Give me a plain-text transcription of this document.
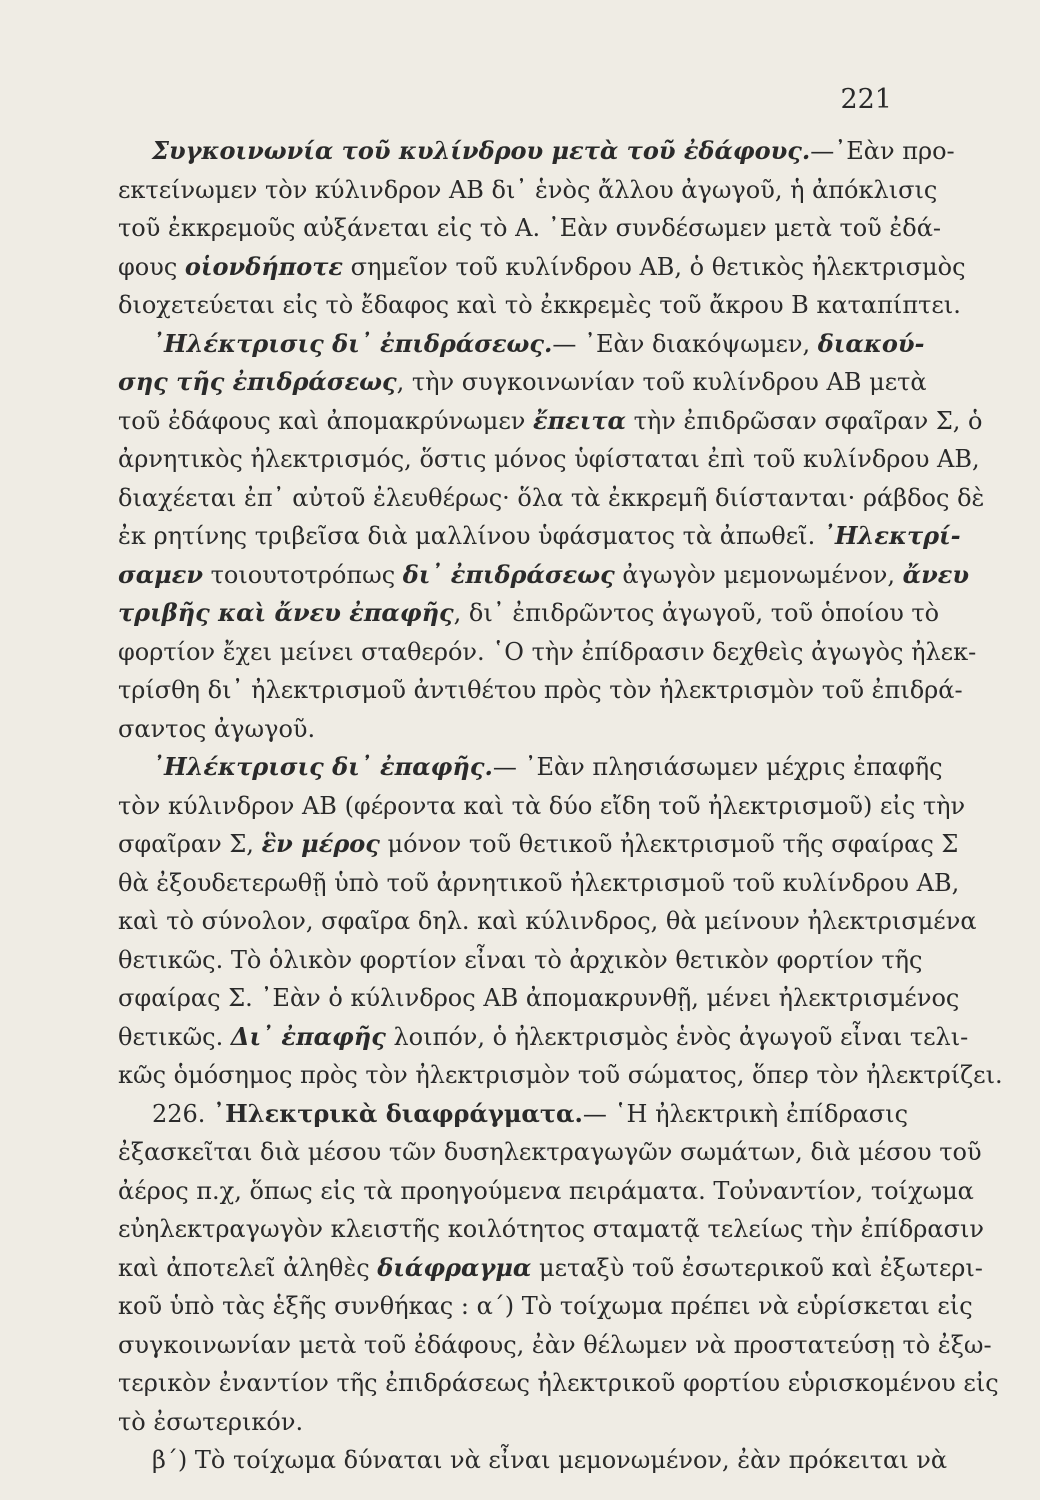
221
Συγκοινωνία τοῦ κυλίνδρου μετὰ τοῦ ἐδάφους.—᾿Εὰν προ-
εκτείνωμεν τὸν κύλινδρον ΑΒ δι᾿ ἑνὸς ἄλλου ἀγωγοῦ, ἡ ἀπόκλισις
τοῦ ἐκκρεμοῦς αὐξάνεται εἰς τὸ Α. ᾿Εὰν συνδέσωμεν μετὰ τοῦ ἐδά-
φους οἱονδήποτε σημεῖον τοῦ κυλίνδρου ΑΒ, ὁ θετικὸς ἠλεκτρισμὸς
διοχετεύεται εἰς τὸ ἔδαφος καὶ τὸ ἐκκρεμὲς τοῦ ἄκρου Β καταπίπτει.
᾿Ηλέκτρισις δι᾿ ἐπιδράσεως.— ᾿Εὰν διακόψωμεν, διακού-
σης τῆς ἐπιδράσεως, τὴν συγκοινωνίαν τοῦ κυλίνδρου ΑΒ μετὰ
τοῦ ἐδάφους καὶ ἀπομακρύνωμεν ἔπειτα τὴν ἐπιδρῶσαν σφαῖραν Σ, ὁ
ἀρνητικὸς ἠλεκτρισμός, ὅστις μόνος ὑφίσταται ἐπὶ τοῦ κυλίνδρου ΑΒ,
διαχέεται ἐπ᾿ αὐτοῦ ἐλευθέρως· ὅλα τὰ ἐκκρεμῆ διίστανται· ράβδος δὲ
ἐκ ρητίνης τριβεῖσα διὰ μαλλίνου ὑφάσματος τὰ ἀπωθεῖ. ᾿Ηλεκτρί-
σαμεν τοιουτοτρόπως δι᾿ ἐπιδράσεως ἀγωγὸν μεμονωμένον, ἄνευ
τριβῆς καὶ ἄνευ ἐπαφῆς, δι᾿ ἐπιδρῶντος ἀγωγοῦ, τοῦ ὁποίου τὸ
φορτίον ἔχει μείνει σταθερόν. ῾Ο τὴν ἐπίδρασιν δεχθεὶς ἀγωγὸς ἠλεκ-
τρίσθη δι᾿ ἠλεκτρισμοῦ ἀντιθέτου πρὸς τὸν ἠλεκτρισμὸν τοῦ ἐπιδρά-
σαντος ἀγωγοῦ.
᾿Ηλέκτρισις δι᾿ ἐπαφῆς.— ᾿Εὰν πλησιάσωμεν μέχρις ἐπαφῆς
τὸν κύλινδρον ΑΒ (φέροντα καὶ τὰ δύο εἴδη τοῦ ἠλεκτρισμοῦ) εἰς τὴν
σφαῖραν Σ, ἓν μέρος μόνον τοῦ θετικοῦ ἠλεκτρισμοῦ τῆς σφαίρας Σ
θὰ ἐξουδετερωθῇ ὑπὸ τοῦ ἀρνητικοῦ ἠλεκτρισμοῦ τοῦ κυλίνδρου ΑΒ,
καὶ τὸ σύνολον, σφαῖρα δηλ. καὶ κύλινδρος, θὰ μείνουν ἠλεκτρισμένα
θετικῶς. Τὸ ὁλικὸν φορτίον εἶναι τὸ ἀρχικὸν θετικὸν φορτίον τῆς
σφαίρας Σ. ᾿Εὰν ὁ κύλινδρος ΑΒ ἀπομακρυνθῇ, μένει ἠλεκτρισμένος
θετικῶς. Δι᾿ ἐπαφῆς λοιπόν, ὁ ἠλεκτρισμὸς ἑνὸς ἀγωγοῦ εἶναι τελι-
κῶς ὁμόσημος πρὸς τὸν ἠλεκτρισμὸν τοῦ σώματος, ὅπερ τὸν ἠλεκτρίζει.
226. ᾿Ηλεκτρικὰ διαφράγματα.— ῾Η ἠλεκτρικὴ ἐπίδρασις
ἐξασκεῖται διὰ μέσου τῶν δυσηλεκτραγωγῶν σωμάτων, διὰ μέσου τοῦ
ἀέρος π.χ, ὅπως εἰς τὰ προηγούμενα πειράματα. Τοὐναντίον, τοίχωμα
εὐηλεκτραγωγὸν κλειστῆς κοιλότητος σταματᾷ τελείως τὴν ἐπίδρασιν
καὶ ἀποτελεῖ ἀληθὲς διάφραγμα μεταξὺ τοῦ ἐσωτερικοῦ καὶ ἐξωτερι-
κοῦ ὑπὸ τὰς ἑξῆς συνθήκας : α΄) Τὸ τοίχωμα πρέπει νὰ εὑρίσκεται εἰς
συγκοινωνίαν μετὰ τοῦ ἐδάφους, ἐὰν θέλωμεν νὰ προστατεύσῃ τὸ ἐξω-
τερικὸν ἐναντίον τῆς ἐπιδράσεως ἠλεκτρικοῦ φορτίου εὑρισκομένου εἰς
τὸ ἐσωτερικόν.
β΄) Τὸ τοίχωμα δύναται νὰ εἶναι μεμονωμένον, ἐὰν πρόκειται νὰ
